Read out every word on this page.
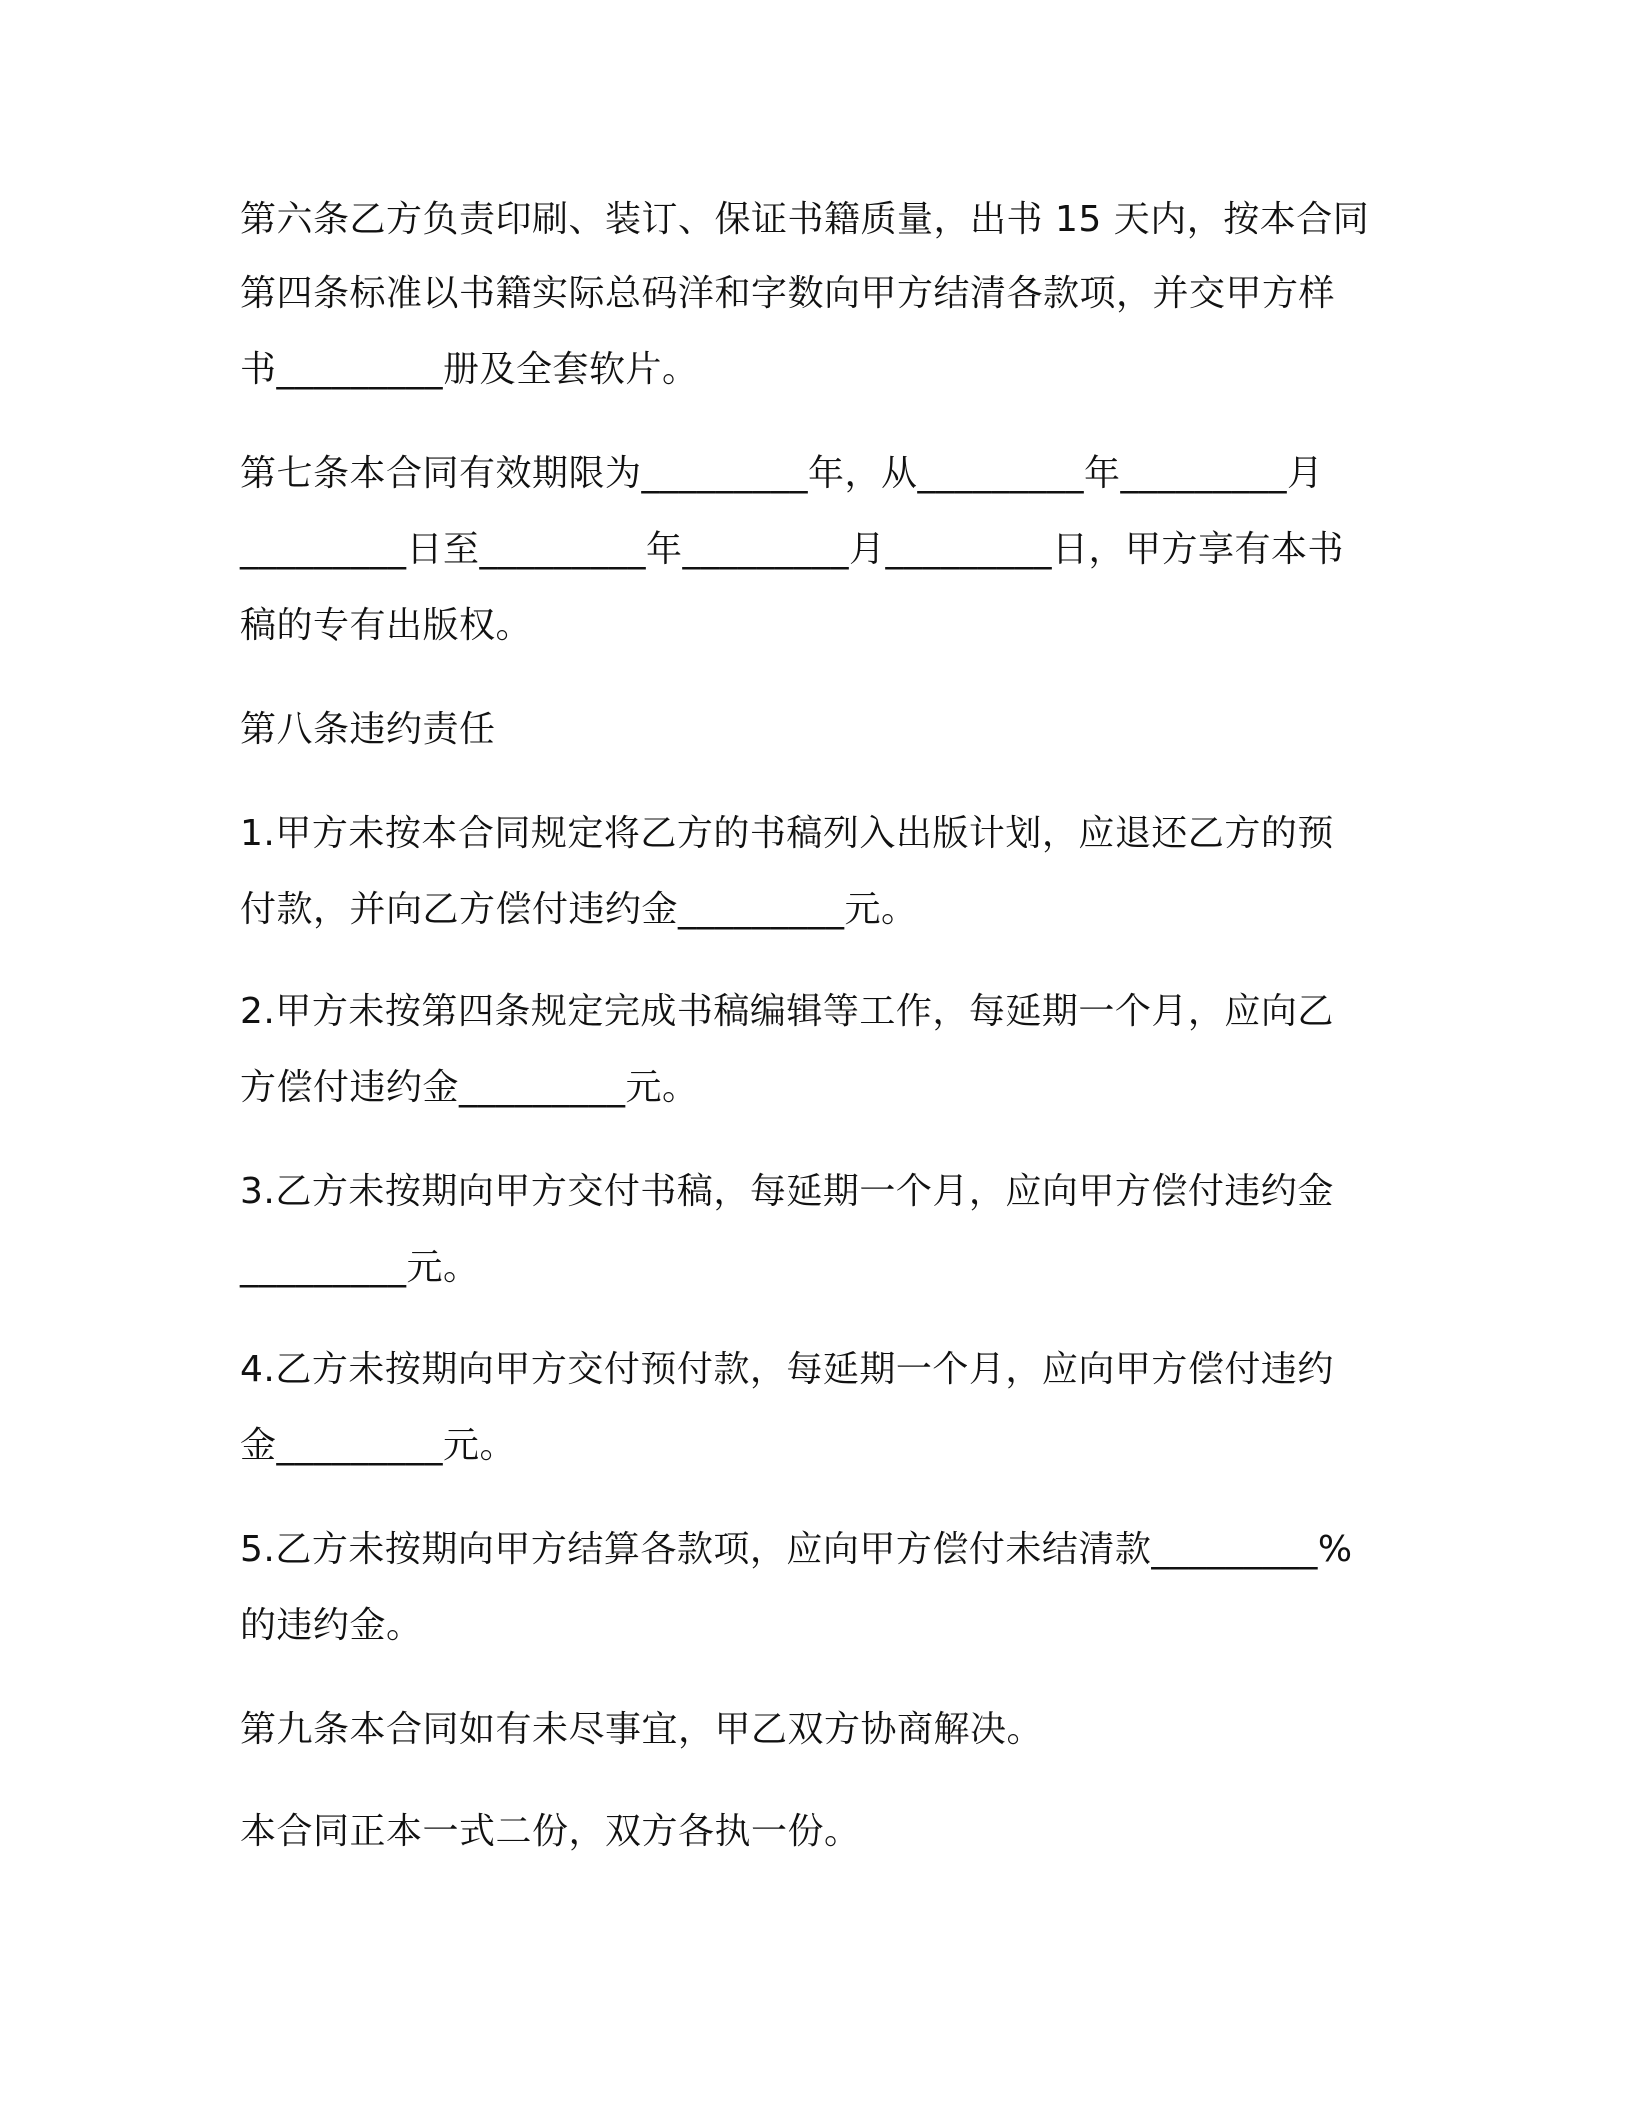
第六条乙方负责印刷、装订、保证书籍质量，出书 15 天内，按本合同
第四条标准以书籍实际总码洋和字数向甲方结清各款项，并交甲方样
书_________册及全套软片。
第七条本合同有效期限为_________年，从_________年_________月
_________日至_________年_________月_________日，甲方享有本书
稿的专有出版权。
第八条违约责任
1.甲方未按本合同规定将乙方的书稿列入出版计划，应退还乙方的预
付款，并向乙方偿付违约金_________元。
2.甲方未按第四条规定完成书稿编辑等工作，每延期一个月，应向乙
方偿付违约金_________元。
3.乙方未按期向甲方交付书稿，每延期一个月，应向甲方偿付违约金
_________元。
4.乙方未按期向甲方交付预付款，每延期一个月，应向甲方偿付违约
金_________元。
5.乙方未按期向甲方结算各款项，应向甲方偿付未结清款_________%
的违约金。
第九条本合同如有未尽事宜，甲乙双方协商解决。
本合同正本一式二份，双方各执一份。
